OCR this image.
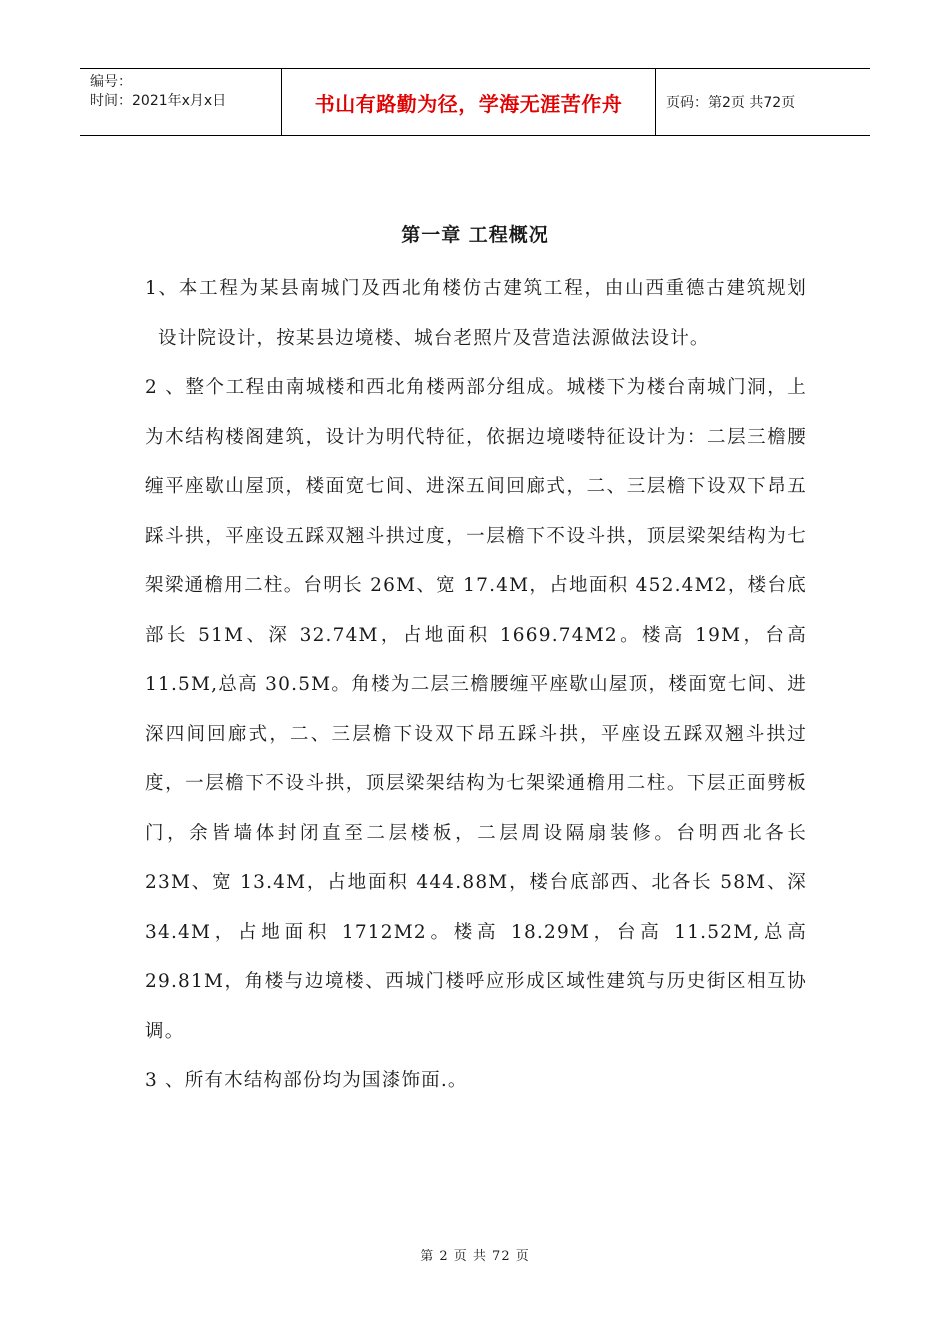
编号：
时间：2021年x月x日	书山有路勤为径，学海无涯苦作舟	页码：第2页 共72页
第一章 工程概况

1、本工程为某县南城门及西北角楼仿古建筑工程，由山西重德古建筑规划设计院设计，按某县边境楼、城台老照片及营造法源做法设计。

2 、整个工程由南城楼和西北角楼两部分组成。城楼下为楼台南城门洞，上为木结构楼阁建筑，设计为明代特征，依据边境喽特征设计为：二层三檐腰缠平座歇山屋顶，楼面宽七间、进深五间回廊式，二、三层檐下设双下昂五踩斗拱，平座设五踩双翘斗拱过度，一层檐下不设斗拱，顶层梁架结构为七架梁通檐用二柱。台明长 26M、宽 17.4M，占地面积 452.4M2，楼台底部长 51M、深 32.74M，占地面积 1669.74M2。楼高 19M，台高 11.5M,总高 30.5M。角楼为二层三檐腰缠平座歇山屋顶，楼面宽七间、进深四间回廊式，二、三层檐下设双下昂五踩斗拱，平座设五踩双翘斗拱过度，一层檐下不设斗拱，顶层梁架结构为七架梁通檐用二柱。下层正面劈板门，余皆墙体封闭直至二层楼板，二层周设隔扇装修。台明西北各长 23M、宽 13.4M，占地面积 444.88M，楼台底部西、北各长 58M、深 34.4M，占地面积 1712M2。楼高 18.29M，台高 11.52M,总高 29.81M，角楼与边境楼、西城门楼呼应形成区域性建筑与历史街区相互协调。

3 、所有木结构部份均为国漆饰面.。

第 2 页 共 72 页
